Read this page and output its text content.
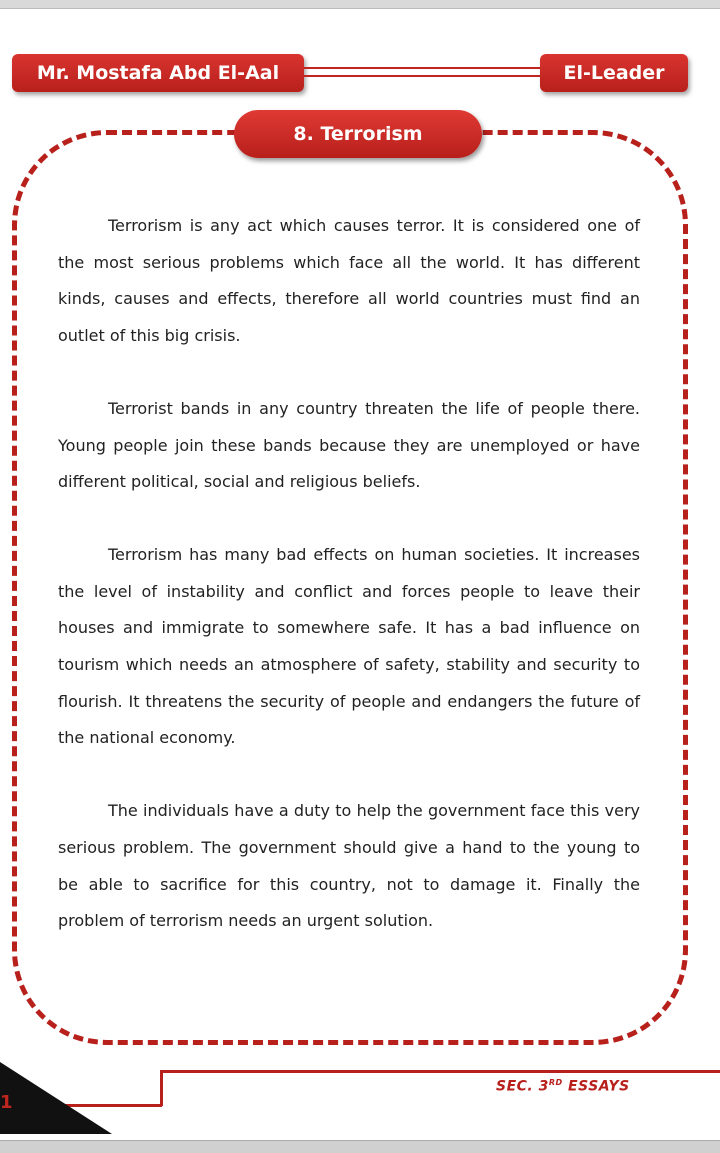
Mr. Mostafa Abd El-Aal	El-Leader
8. Terrorism

Terrorism is any act which causes terror. It is considered one of the most serious problems which face all the world. It has different kinds, causes and effects, therefore all world countries must find an outlet of this big crisis.

Terrorist bands in any country threaten the life of people there. Young people join these bands because they are unemployed or have different political, social and religious beliefs.

Terrorism has many bad effects on human societies. It increases the level of instability and conflict and forces people to leave their houses and immigrate to somewhere safe. It has a bad influence on tourism which needs an atmosphere of safety, stability and security to flourish. It threatens the security of people and endangers the future of the national economy.

The individuals have a duty to help the government face this very serious problem. The government should give a hand to the young to be able to sacrifice for this country, not to damage it. Finally the problem of terrorism needs an urgent solution.

SEC. 3RD ESSAYS
1
